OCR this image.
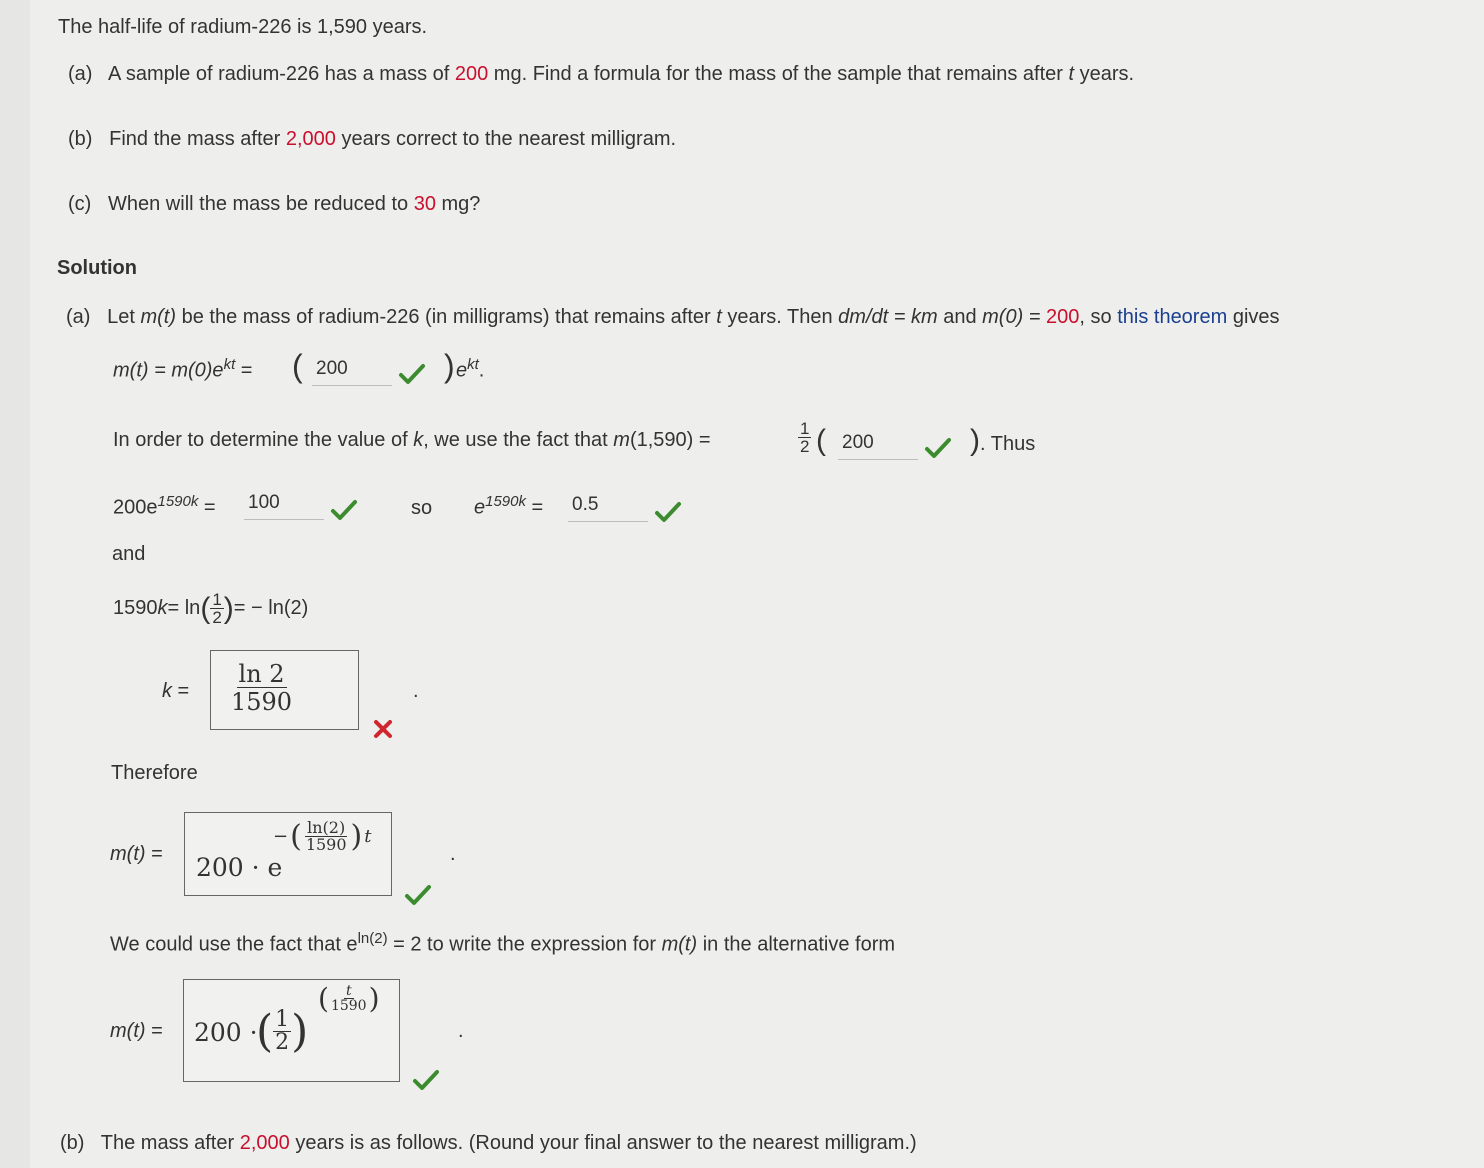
The half-life of radium-226 is 1,590 years.
(a) A sample of radium-226 has a mass of 200 mg. Find a formula for the mass of the sample that remains after t years.
(b) Find the mass after 2,000 years correct to the nearest milligram.
(c) When will the mass be reduced to 30 mg?
Solution
(a) Let m(t) be the mass of radium-226 (in milligrams) that remains after t years. Then dm/dt = km and m(0) = 200, so this theorem gives
$m(t) = m(0)e^{kt}$ = ( 200	) $e^{kt}$.
In order to determine the value of k, we use the fact that m(1,590) =	$\frac{1}{2}$ ( 200	) . Thus
$200e^{1590k} = 100$	so $e^{1590k} = 0.5$
and
1590 k = ln ( $\frac{1}{2}$ ) = − ln(2)
k =
ln 2
1590	.
Therefore
m(t) = 200 · e
− ( $\frac{\ln(2)}{1590}$ ) t
.
We could use the fact that $e^{ln(2)} = 2$ to write the expression for m(t) in the alternative form
m(t) = 200 ·
( $\frac{1}{2}$ )
( $\frac{t}{1590}$ )
.
(b) The mass after 2,000 years is as follows. (Round your final answer to the nearest milligram.)
